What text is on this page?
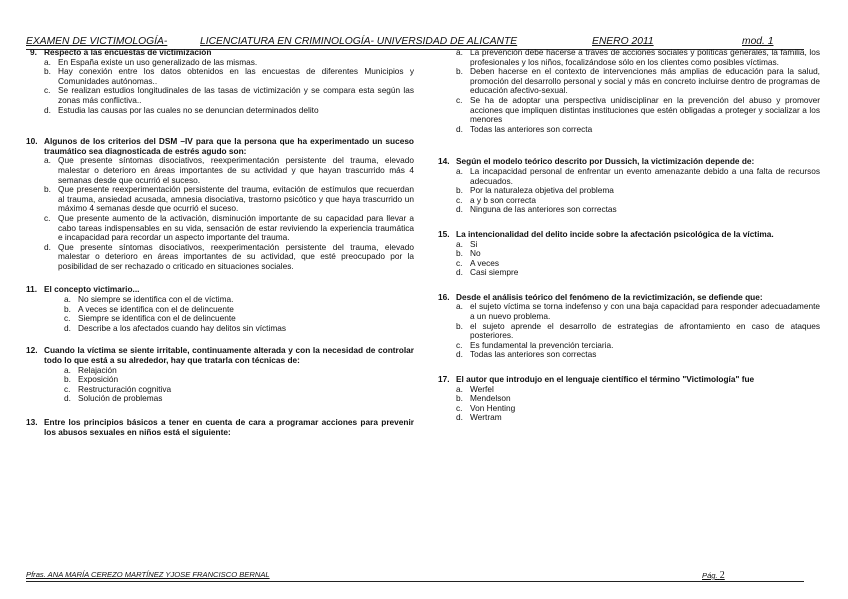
EXAMEN DE VICTIMOLOGÍA-	LICENCIATURA EN CRIMINOLOGÍA- UNIVERSIDAD DE ALICANTE	ENERO 2011	mod. 1
9. Respecto a las encuestas de victimización
a. En España existe un uso generalizado de las mismas.
b. Hay conexión entre los datos obtenidos en las encuestas de diferentes Municipios y Comunidades autónomas..
c. Se realizan estudios longitudinales de las tasas de victimización y se compara esta según las zonas más conflictiva..
d. Estudia las causas por las cuales no se denuncian determinados delito
10. Algunos de los criterios del DSM –IV para que la persona que ha experimentado un suceso traumático sea diagnosticada de estrés agudo son:
a. Que presente síntomas disociativos, reexperimentación persistente del trauma, elevado malestar o deterioro en áreas importantes de su actividad y que hayan trascurrido más 4 semanas desde que ocurrió el suceso.
b. Que presente reexperimentación persistente del trauma, evitación de estímulos que recuerdan al trauma, ansiedad acusada, amnesia disociativa, trastorno psicótico y que haya trascurrido un máximo 4 semanas desde que ocurrió el suceso.
c. Que presente aumento de la activación, disminución importante de su capacidad para llevar a cabo tareas indispensables en su vida, sensación de estar reviviendo la experiencia traumática e incapacidad para recordar un aspecto importante del trauma.
d. Que presente síntomas disociativos, reexperimentación persistente del trauma, elevado malestar o deterioro en áreas importantes de su actividad, que esté preocupado por la posibilidad de ser rechazado o criticado en situaciones sociales.
11. El concepto victimario...
a. No siempre se identifica con el de víctima.
b. A veces se identifica con el de delincuente
c. Siempre se identifica con el de delincuente
d. Describe a los afectados cuando hay delitos sin víctimas
12. Cuando la víctima se siente irritable, continuamente alterada y con la necesidad de controlar todo lo que está a su alrededor, hay que tratarla con técnicas de:
a. Relajación
b. Exposición
c. Restructuración cognitiva
d. Solución de problemas
13. Entre los principios básicos a tener en cuenta de cara a programar acciones para prevenir los abusos sexuales en niños está el siguiente:
a. La prevención debe hacerse a través de acciones sociales y políticas generales, la familia, los profesionales y los niños, focalizándose sólo en los clientes como posibles víctimas.
b. Deben hacerse en el contexto de intervenciones más amplias de educación para la salud, promoción del desarrollo personal y social y más en concreto incluirse dentro de programas de educación afectivo-sexual.
c. Se ha de adoptar una perspectiva unidisciplinar en la prevención del abuso y promover acciones que impliquen distintas instituciones que estén obligadas a proteger y socializar a los menores
d. Todas las anteriores son correcta
14. Según el modelo teórico descrito por Dussich, la victimización depende de:
a. La incapacidad personal de enfrentar un evento amenazante debido a una falta de recursos adecuados.
b. Por la naturaleza objetiva del problema
c. a y b son correcta
d. Ninguna de las anteriores son correctas
15. La intencionalidad del delito incide sobre la afectación psicológica de la víctima.
a. Si
b. No
c. A veces
d. Casi siempre
16. Desde el análisis teórico del fenómeno de la revictimización, se defiende que:
a. el sujeto víctima se torna indefenso y con una baja capacidad para responder adecuadamente a un nuevo problema.
b. el sujeto aprende el desarrollo de estrategias de afrontamiento en caso de ataques posteriores.
c. Es fundamental la prevención terciaria.
d. Todas las anteriores son correctas
17. El autor que introdujo en el lenguaje científico el término "Victimología" fue
a. Werfel
b. Mendelson
c. Von Henting
d. Wertram
Pfras. ANA MARÍA CEREZO MARTÍNEZ YJOSE FRANCISCO BERNAL	Pág. 2
